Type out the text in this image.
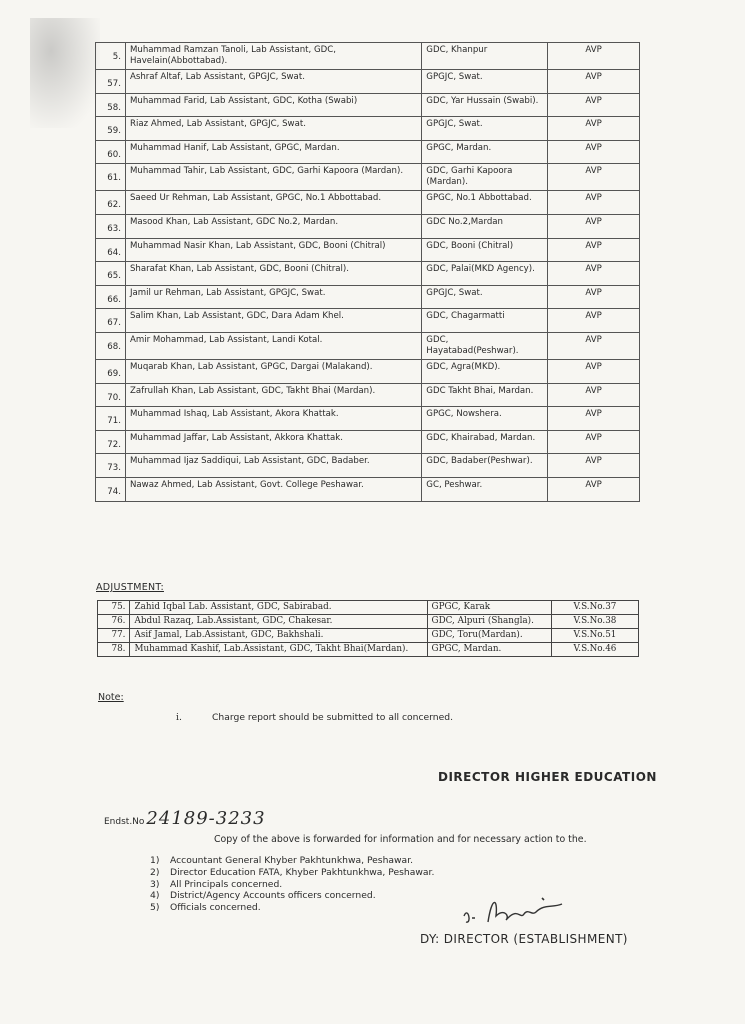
5.	Muhammad Ramzan Tanoli, Lab Assistant, GDC, Havelain(Abbottabad).	GDC, Khanpur	AVP
57.	Ashraf Altaf, Lab Assistant, GPGJC, Swat.	GPGJC, Swat.	AVP
58.	Muhammad Farid, Lab Assistant, GDC, Kotha (Swabi)	GDC, Yar Hussain (Swabi).	AVP
59.	Riaz Ahmed, Lab Assistant, GPGJC, Swat.	GPGJC, Swat.	AVP
60.	Muhammad Hanif, Lab Assistant, GPGC, Mardan.	GPGC, Mardan.	AVP
61.	Muhammad Tahir, Lab Assistant, GDC, Garhi Kapoora (Mardan).	GDC, Garhi Kapoora (Mardan).	AVP
62.	Saeed Ur Rehman, Lab Assistant, GPGC, No.1 Abbottabad.	GPGC, No.1 Abbottabad.	AVP
63.	Masood Khan, Lab Assistant, GDC No.2, Mardan.	GDC No.2,Mardan	AVP
64.	Muhammad Nasir Khan, Lab Assistant, GDC, Booni (Chitral)	GDC, Booni (Chitral)	AVP
65.	Sharafat Khan, Lab Assistant, GDC, Booni (Chitral).	GDC, Palai(MKD Agency).	AVP
66.	Jamil ur Rehman, Lab Assistant, GPGJC, Swat.	GPGJC, Swat.	AVP
67.	Salim Khan, Lab Assistant, GDC, Dara Adam Khel.	GDC, Chagarmatti	AVP
68.	Amir Mohammad, Lab Assistant, Landi Kotal.	GDC, Hayatabad(Peshwar).	AVP
69.	Muqarab Khan, Lab Assistant, GPGC, Dargai (Malakand).	GDC, Agra(MKD).	AVP
70.	Zafrullah Khan, Lab Assistant, GDC, Takht Bhai (Mardan).	GDC Takht Bhai, Mardan.	AVP
71.	Muhammad Ishaq, Lab Assistant, Akora Khattak.	GPGC, Nowshera.	AVP
72.	Muhammad Jaffar, Lab Assistant, Akkora Khattak.	GDC, Khairabad, Mardan.	AVP
73.	Muhammad Ijaz Saddiqui, Lab Assistant, GDC, Badaber.	GDC, Badaber(Peshwar).	AVP
74.	Nawaz Ahmed, Lab Assistant, Govt. College Peshawar.	GC, Peshwar.	AVP
ADJUSTMENT:
75.	Zahid Iqbal Lab. Assistant, GDC, Sabirabad.	GPGC, Karak	V.S.No.37
76.	Abdul Razaq, Lab.Assistant, GDC, Chakesar.	GDC, Alpuri (Shangla).	V.S.No.38
77.	Asif Jamal, Lab.Assistant, GDC, Bakhshali.	GDC, Toru(Mardan).	V.S.No.51
78.	Muhammad Kashif, Lab.Assistant, GDC, Takht Bhai(Mardan).	GPGC, Mardan.	V.S.No.46
Note:
i.	Charge report should be submitted to all concerned.
DIRECTOR HIGHER EDUCATION
Endst.No 24189-3233
Copy of the above is forwarded for information and for necessary action to the.
1) Accountant General Khyber Pakhtunkhwa, Peshawar.
2) Director Education FATA, Khyber Pakhtunkhwa, Peshawar.
3) All Principals concerned.
4) District/Agency Accounts officers concerned.
5) Officials concerned.
DY: DIRECTOR (ESTABLISHMENT)
